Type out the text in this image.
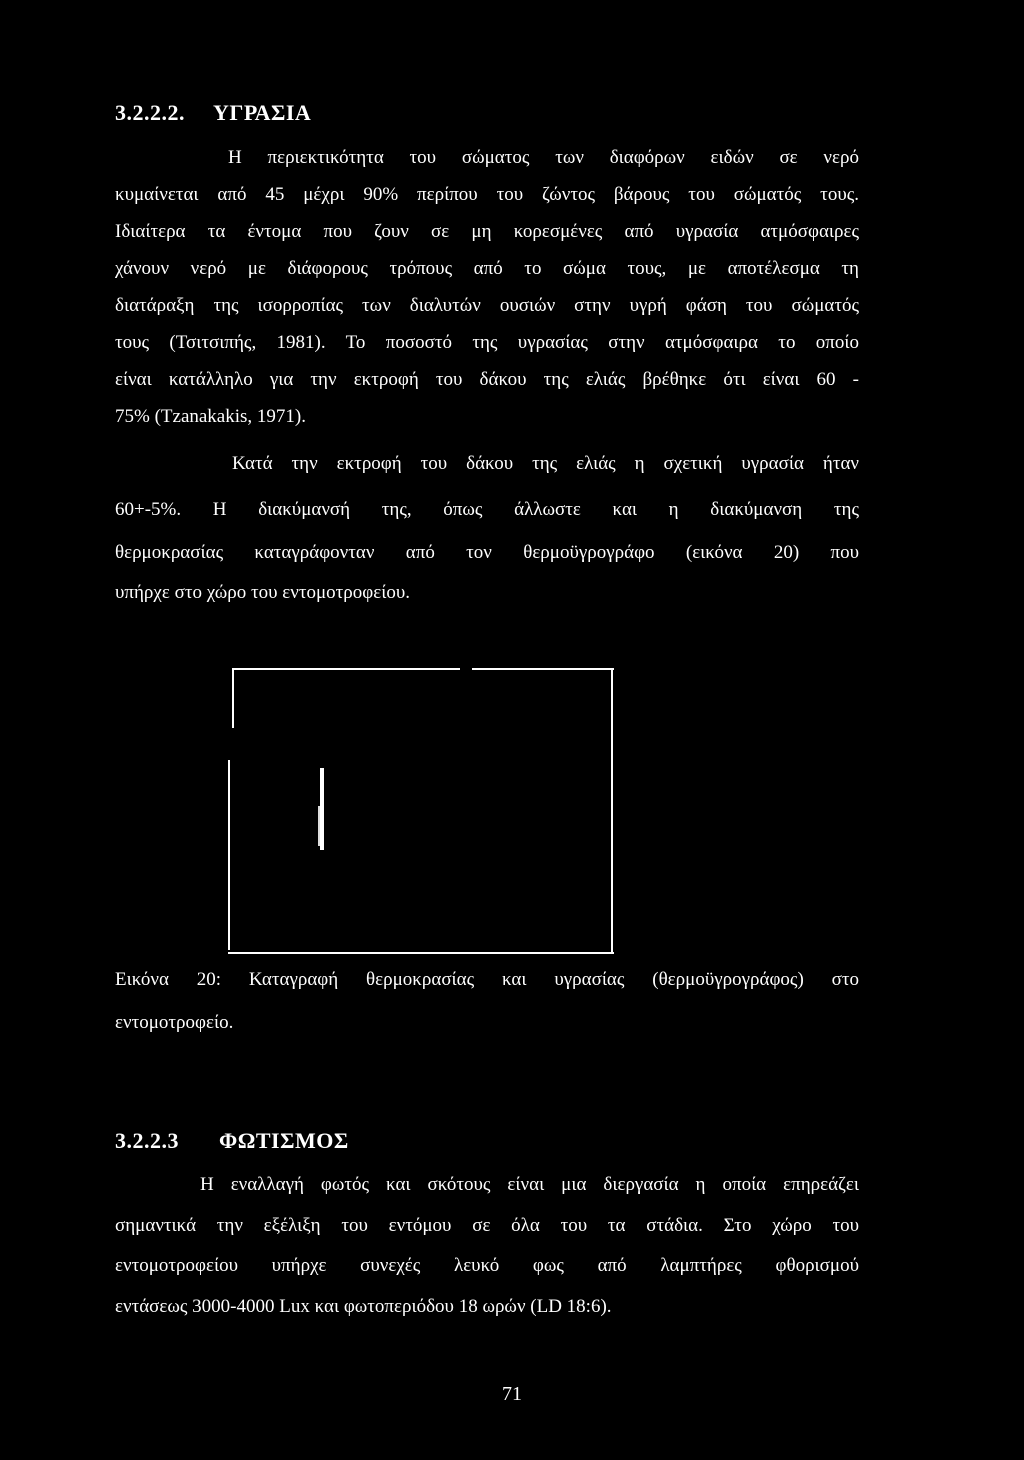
3.2.2.2. ΥΓΡΑΣΙΑ
Η περιεκτικότητα του σώματος των διαφόρων ειδών σε νερό
κυμαίνεται από 45 μέχρι 90% περίπου του ζώντος βάρους του σώματός τους.
Ιδιαίτερα τα έντομα που ζουν σε μη κορεσμένες από υγρασία ατμόσφαιρες
χάνουν νερό με διάφορους τρόπους από το σώμα τους, με αποτέλεσμα τη
διατάραξη της ισορροπίας των διαλυτών ουσιών στην υγρή φάση του σώματός
τους (Τσιτσιπής, 1981). Το ποσοστό της υγρασίας στην ατμόσφαιρα το οποίο
είναι κατάλληλο για την εκτροφή του δάκου της ελιάς βρέθηκε ότι είναι 60 -
75% (Tzanakakis, 1971).
Κατά την εκτροφή του δάκου της ελιάς η σχετική υγρασία ήταν
60+-5%. Η διακύμανσή της, όπως άλλωστε και η διακύμανση της
θερμοκρασίας καταγράφονταν από τον θερμοϋγρογράφο (εικόνα 20) που
υπήρχε στο χώρο του εντομοτροφείου.
Εικόνα 20: Καταγραφή θερμοκρασίας και υγρασίας (θερμοϋγρογράφος) στο
εντομοτροφείο.
3.2.2.3 ΦΩΤΙΣΜΟΣ
Η εναλλαγή φωτός και σκότους είναι μια διεργασία η οποία επηρεάζει
σημαντικά την εξέλιξη του εντόμου σε όλα του τα στάδια. Στο χώρο του
εντομοτροφείου υπήρχε συνεχές λευκό φως από λαμπτήρες φθορισμού
εντάσεως 3000-4000 Lux και φωτοπεριόδου 18 ωρών (LD 18:6).
71
